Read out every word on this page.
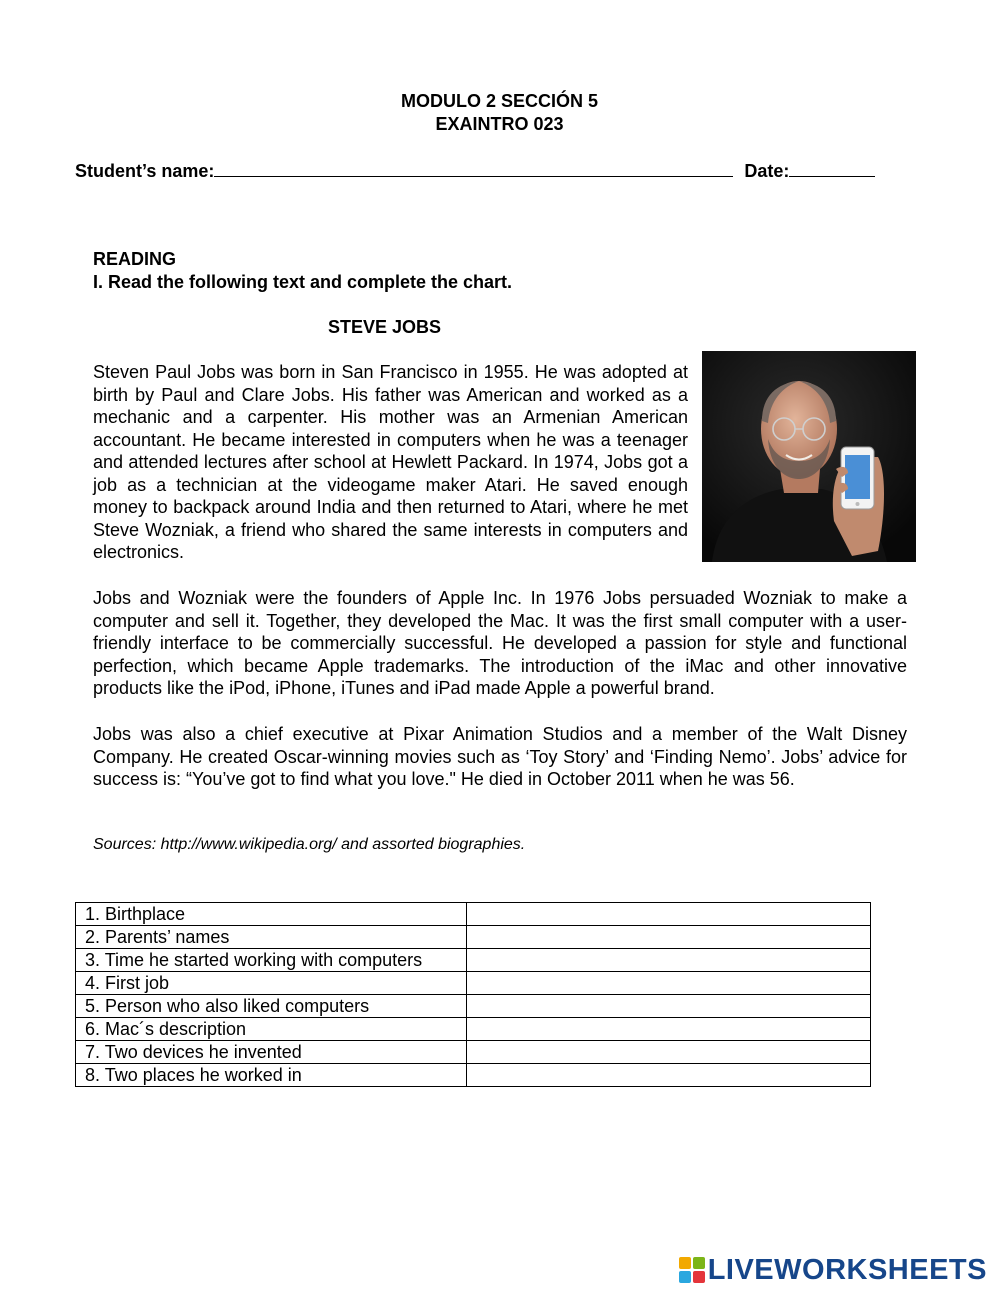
MODULO 2 SECCIÓN 5
EXAINTRO 023
Student’s name:	Date:
READING
I. Read the following text and complete the chart.
STEVE JOBS
Steven Paul Jobs was born in San Francisco in 1955. He was adopted at birth by Paul and Clare Jobs. His father was American and worked as a mechanic and a carpenter. His mother was an Armenian American accountant. He became interested in computers when he was a teenager and attended lectures after school at Hewlett Packard. In 1974, Jobs got a job as a technician at the videogame maker Atari. He saved enough money to backpack around India and then returned to Atari, where he met Steve Wozniak, a friend who shared the same interests in computers and electronics.
Jobs and Wozniak were the founders of Apple Inc. In 1976 Jobs persuaded Wozniak to make a computer and sell it. Together, they developed the Mac. It was the first small computer with a user-friendly interface to be commercially successful. He developed a passion for style and functional perfection, which became Apple trademarks. The introduction of the iMac and other innovative products like the iPod, iPhone, iTunes and iPad made Apple a powerful brand.
Jobs was also a chief executive at Pixar Animation Studios and a member of the Walt Disney Company. He created Oscar-winning movies such as ‘Toy Story’ and ‘Finding Nemo’. Jobs’ advice for success is: “You’ve got to find what you love." He died in October 2011 when he was 56.
Sources: http://www.wikipedia.org/ and assorted biographies.
1. Birthplace	
2. Parents’ names	
3. Time he started working with computers	
4. First job	
5. Person who also liked computers	
6. Mac´s description	
7. Two devices he invented	
8. Two places he worked in	
LIVEWORKSHEETS
